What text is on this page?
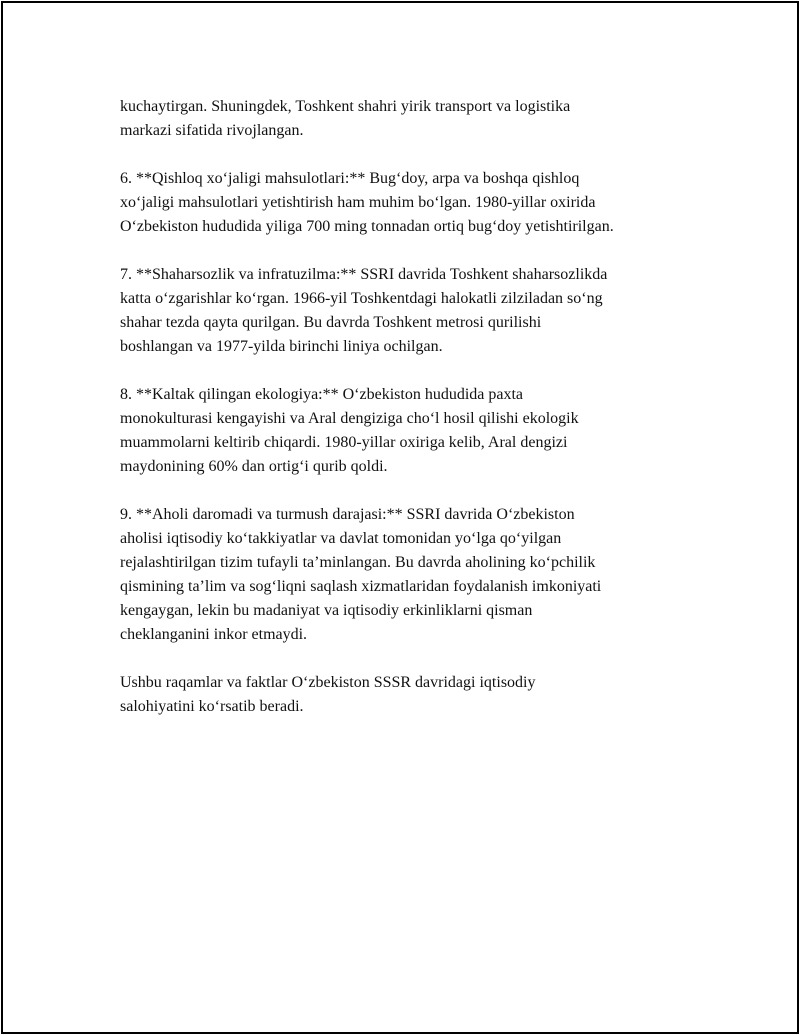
kuchaytirgan. Shuningdek, Toshkent shahri yirik transport va logistika
markazi sifatida rivojlangan.

6. **Qishloq xo‘jaligi mahsulotlari:** Bug‘doy, arpa va boshqa qishloq
xo‘jaligi mahsulotlari yetishtirish ham muhim bo‘lgan. 1980-yillar oxirida
O‘zbekiston hududida yiliga 700 ming tonnadan ortiq bug‘doy yetishtirilgan.

7. **Shaharsozlik va infratuzilma:** SSRI davrida Toshkent shaharsozlikda
katta o‘zgarishlar ko‘rgan. 1966-yil Toshkentdagi halokatli zilziladan so‘ng
shahar tezda qayta qurilgan. Bu davrda Toshkent metrosi qurilishi
boshlangan va 1977-yilda birinchi liniya ochilgan.

8. **Kaltak qilingan ekologiya:** O‘zbekiston hududida paxta
monokulturasi kengayishi va Aral dengiziga cho‘l hosil qilishi ekologik
muammolarni keltirib chiqardi. 1980-yillar oxiriga kelib, Aral dengizi
maydonining 60% dan ortig‘i qurib qoldi.

9. **Aholi daromadi va turmush darajasi:** SSRI davrida O‘zbekiston
aholisi iqtisodiy ko‘takkiyatlar va davlat tomonidan yo‘lga qo‘yilgan
rejalashtirilgan tizim tufayli ta’minlangan. Bu davrda aholining ko‘pchilik
qismining ta’lim va sog‘liqni saqlash xizmatlaridan foydalanish imkoniyati
kengaygan, lekin bu madaniyat va iqtisodiy erkinliklarni qisman
cheklanganini inkor etmaydi.

Ushbu raqamlar va faktlar O‘zbekiston SSSR davridagi iqtisodiy
salohiyatini ko‘rsatib beradi.
